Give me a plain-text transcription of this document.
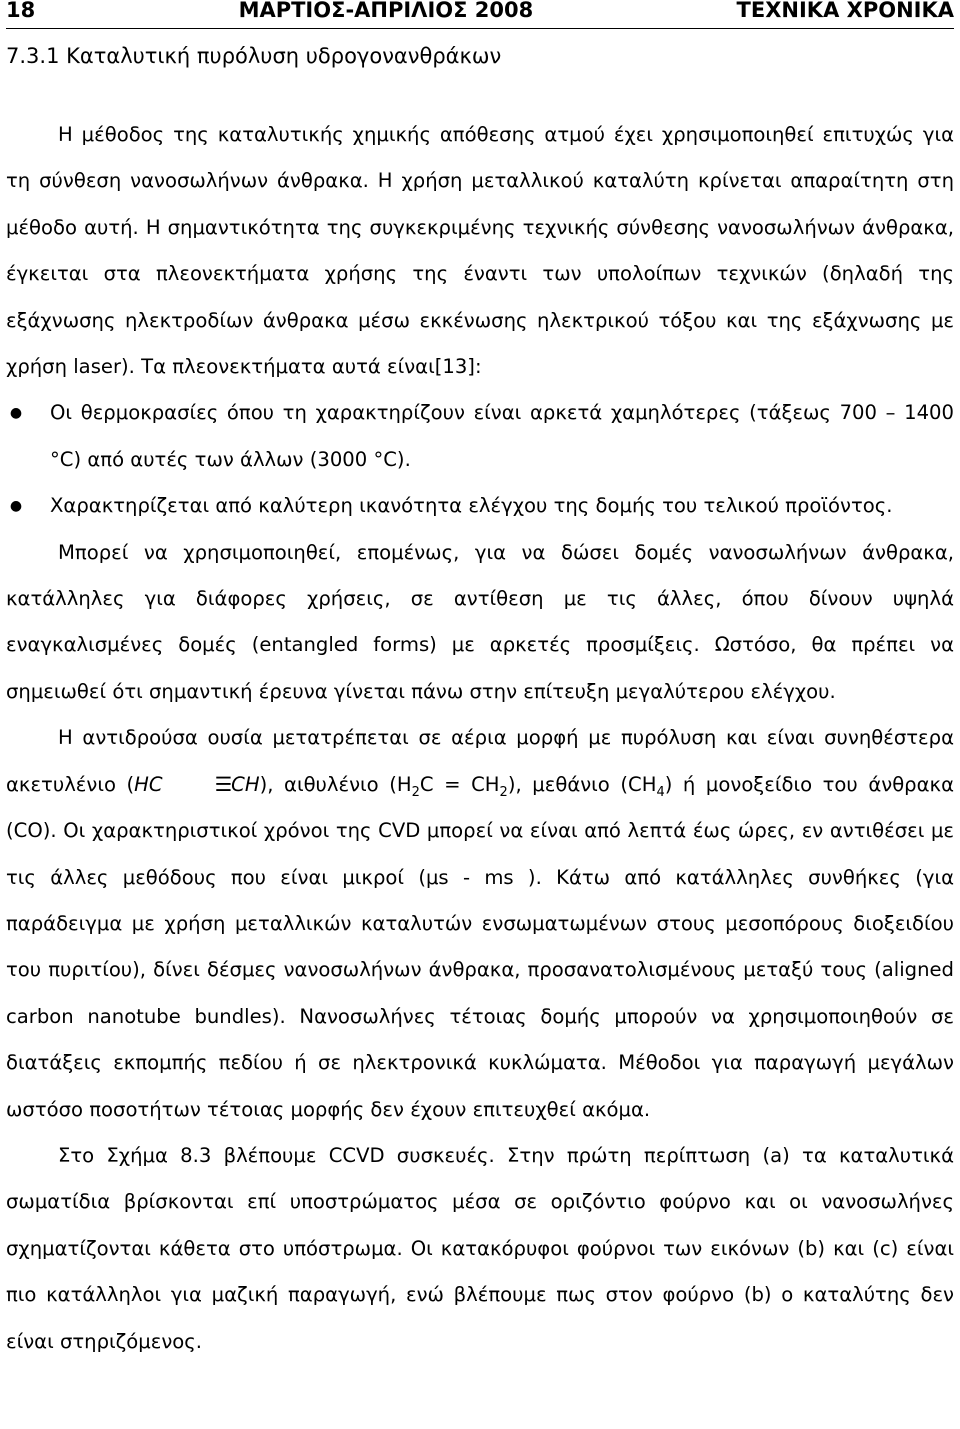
18	ΜΑΡΤΙΟΣ-ΑΠΡΙΛΙΟΣ 2008	ΤΕΧΝΙΚΑ ΧΡΟΝΙΚΑ
7.3.1 Καταλυτική πυρόλυση υδρογονανθράκων

Η μέθοδος της καταλυτικής χημικής απόθεσης ατμού έχει χρησιμοποιηθεί επιτυχώς για τη σύνθεση νανοσωλήνων άνθρακα. Η χρήση μεταλλικού καταλύτη κρίνεται απαραίτητη στη μέθοδο αυτή. Η σημαντικότητα της συγκεκριμένης τεχνικής σύνθεσης νανοσωλήνων άνθρακα, έγκειται στα πλεονεκτήματα χρήσης της έναντι των υπολοίπων τεχνικών (δηλαδή της εξάχνωσης ηλεκτροδίων άνθρακα μέσω εκκένωσης ηλεκτρικού τόξου και της εξάχνωσης με χρήση laser). Τα πλεονεκτήματα αυτά είναι[13]:

● Οι θερμοκρασίες όπου τη χαρακτηρίζουν είναι αρκετά χαμηλότερες (τάξεως 700 – 1400 °C) από αυτές των άλλων (3000 °C).
● Χαρακτηρίζεται από καλύτερη ικανότητα ελέγχου της δομής του τελικού προϊόντος.

Μπορεί να χρησιμοποιηθεί, επομένως, για να δώσει δομές νανοσωλήνων άνθρακα, κατάλληλες για διάφορες χρήσεις, σε αντίθεση με τις άλλες, όπου δίνουν υψηλά εναγκαλισμένες δομές (entangled forms) με αρκετές προσμίξεις. Ωστόσο, θα πρέπει να σημειωθεί ότι σημαντική έρευνα γίνεται πάνω στην επίτευξη μεγαλύτερου ελέγχου.

Η αντιδρούσα ουσία μετατρέπεται σε αέρια μορφή με πυρόλυση και είναι συνηθέστερα ακετυλένιο (HC	☰CH), αιθυλένιο $(H_2C = CH_2)$, μεθάνιο $(CH_4)$ ή μονοξείδιο του άνθρακα (CO). Οι χαρακτηριστικοί χρόνοι της CVD μπορεί να είναι από λεπτά έως ώρες, εν αντιθέσει με τις άλλες μεθόδους που είναι μικροί (μs - ms ). Κάτω από κατάλληλες συνθήκες (για παράδειγμα με χρήση μεταλλικών καταλυτών ενσωματωμένων στους μεσοπόρους διοξειδίου του πυριτίου), δίνει δέσμες νανοσωλήνων άνθρακα, προσανατολισμένους μεταξύ τους (aligned carbon nanotube bundles). Νανοσωλήνες τέτοιας δομής μπορούν να χρησιμοποιηθούν σε διατάξεις εκπομπής πεδίου ή σε ηλεκτρονικά κυκλώματα. Μέθοδοι για παραγωγή μεγάλων ωστόσο ποσοτήτων τέτοιας μορφής δεν έχουν επιτευχθεί ακόμα.

Στο Σχήμα 8.3 βλέπουμε CCVD συσκευές. Στην πρώτη περίπτωση (a) τα καταλυτικά σωματίδια βρίσκονται επί υποστρώματος μέσα σε οριζόντιο φούρνο και οι νανοσωλήνες σχηματίζονται κάθετα στο υπόστρωμα. Οι κατακόρυφοι φούρνοι των εικόνων (b) και (c) είναι πιο κατάλληλοι για μαζική παραγωγή, ενώ βλέπουμε πως στον φούρνο (b) ο καταλύτης δεν είναι στηριζόμενος.
